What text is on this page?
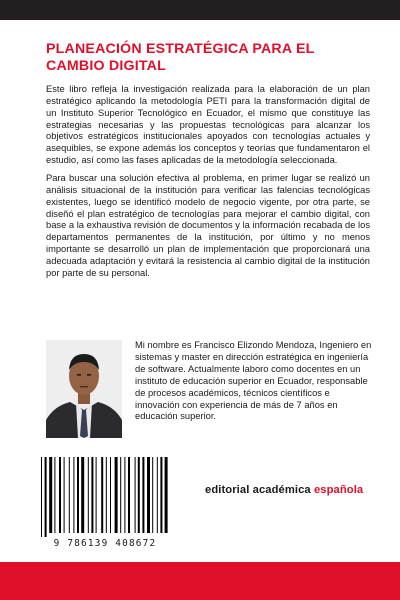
PLANEACIÓN ESTRATÉGICA PARA EL
CAMBIO DIGITAL

Este libro refleja la investigación realizada para la elaboración de un plan estratégico aplicando la metodología PETI para la transformación digital de un Instituto Superior Tecnológico en Ecuador, el mismo que constituye las estrategias necesarias y las propuestas tecnológicas para alcanzar los objetivos estratégicos institucionales apoyados con tecnologías actuales y asequibles, se expone además los conceptos y teorías que fundamentaron el estudio, así como las fases aplicadas de la metodología seleccionada.

Para buscar una solución efectiva al problema, en primer lugar se realizó un análisis situacional de la institución para verificar las falencias tecnológicas existentes, luego se identificó modelo de negocio vigente, por otra parte, se diseñó el plan estratégico de tecnologías para mejorar el cambio digital, con base a la exhaustiva revisión de documentos y la información recabada de los departamentos permanentes de la institución, por último y no menos importante se desarrolló un plan de implementación que proporcionará una adecuada adaptación y evitará la resistencia al cambio digital de la institución por parte de su personal.

Mi nombre es Francisco Elizondo Mendoza, Ingeniero en sistemas y master en dirección estratégica en ingeniería de software. Actualmente laboro como docentes en un instituto de educación superior en Ecuador, responsable de procesos académicos, técnicos científicos e innovación con experiencia de más de 7 años en educación superior.

9 786139 408672
editorial académica española
